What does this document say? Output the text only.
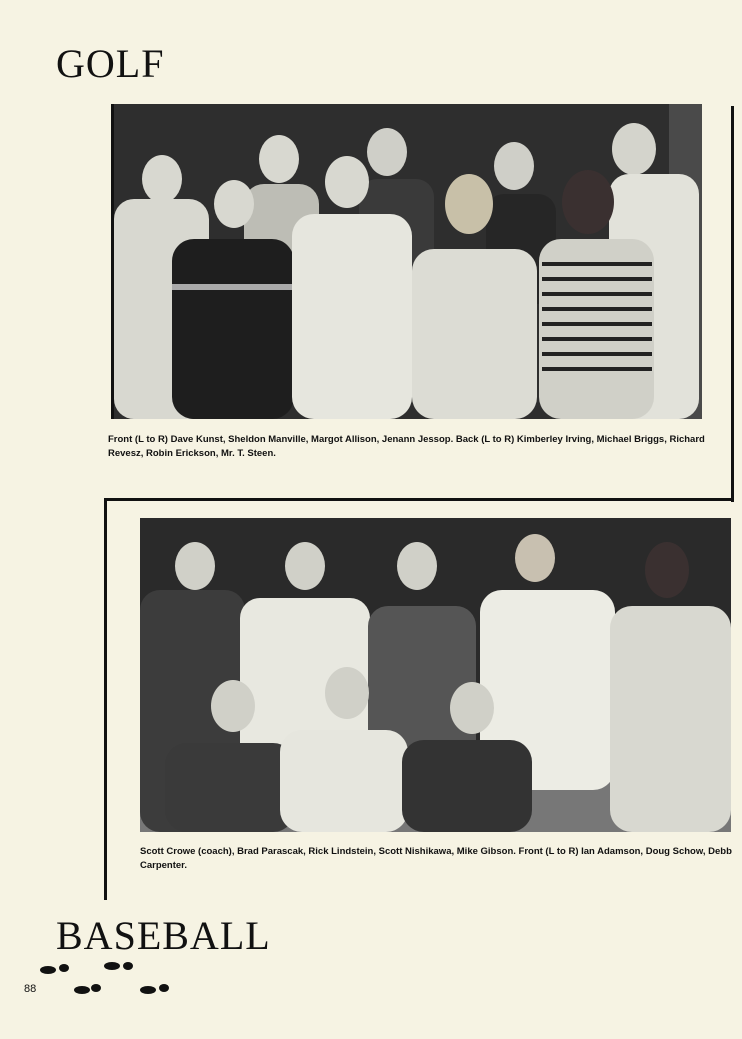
GOLF

Front (L to R) Dave Kunst, Sheldon Manville, Margot Allison, Jenann Jessop. Back (L to R) Kimberley Irving, Michael Briggs, Richard Revesz, Robin Erickson, Mr. T. Steen.

Scott Crowe (coach), Brad Parascak, Rick Lindstein, Scott Nishikawa, Mike Gibson. Front (L to R) Ian Adamson, Doug Schow, Debb Carpenter.

BASEBALL
88
